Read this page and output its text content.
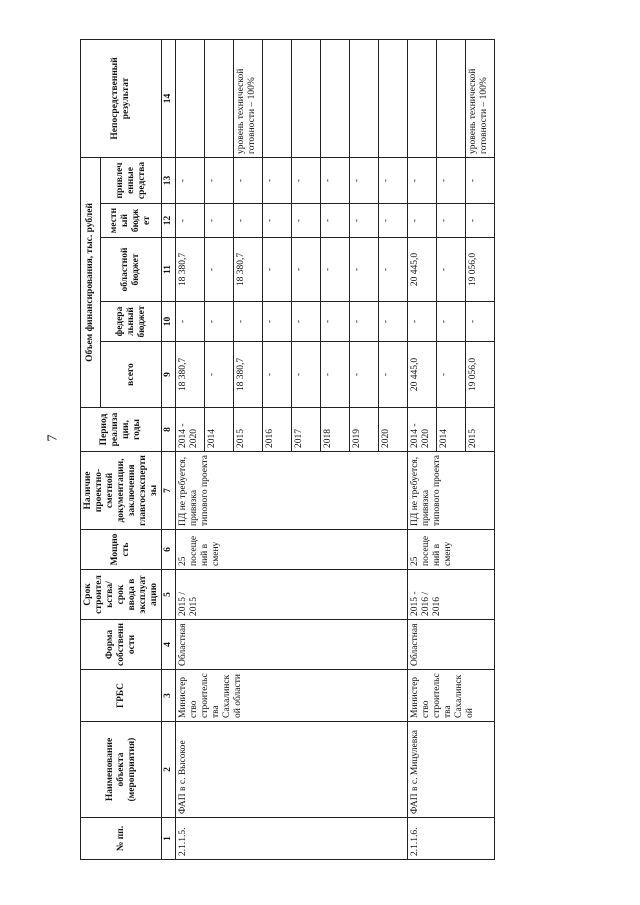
7
№ пп.	Наименование объекта (мероприятия)	ГРБС	Форма собственности	Срок строительства/срок ввода в эксплуатацию	Мощность	Наличие проектно-сметной документации, заключения главгосэкспертизы	Период реализации, годы	Объем финансирования, тыс. рублей					Непосредственный результат
								всего	федеральный бюджет	областной бюджет	местный бюджет	привлеченные средства	
1	2	3	4	5	6	7	8	9	10	11	12	13	14
2.1.1.5.	ФАП в с. Высокое	Министерство строительства Сахалинской области	Областная	2015 / 2015	25 посещений в смену	ПД не требуется, привязка типового проекта	2014 - 2020	18 380,7	-	18 380,7	-	-	
							2014	-	-	-	-	-	
							2015	18 380,7	-	18 380,7	-	-	уровень технической готовности – 100%
							2016	-	-	-	-	-	
							2017	-	-	-	-	-	
							2018	-	-	-	-	-	
							2019	-	-	-	-	-	
							2020	-	-	-	-	-	
2.1.1.6.	ФАП в с. Мицулевка	Министерство строительства Сахалинской	Областная	2015 - 2016 / 2016	25 посещений в смену	ПД не требуется, привязка типового проекта	2014 - 2020	20 445,0	-	20 445,0	-	-	
							2014	-	-	-	-	-	
							2015	19 056,0	-	19 056,0	-	-	уровень технической готовности – 100%
